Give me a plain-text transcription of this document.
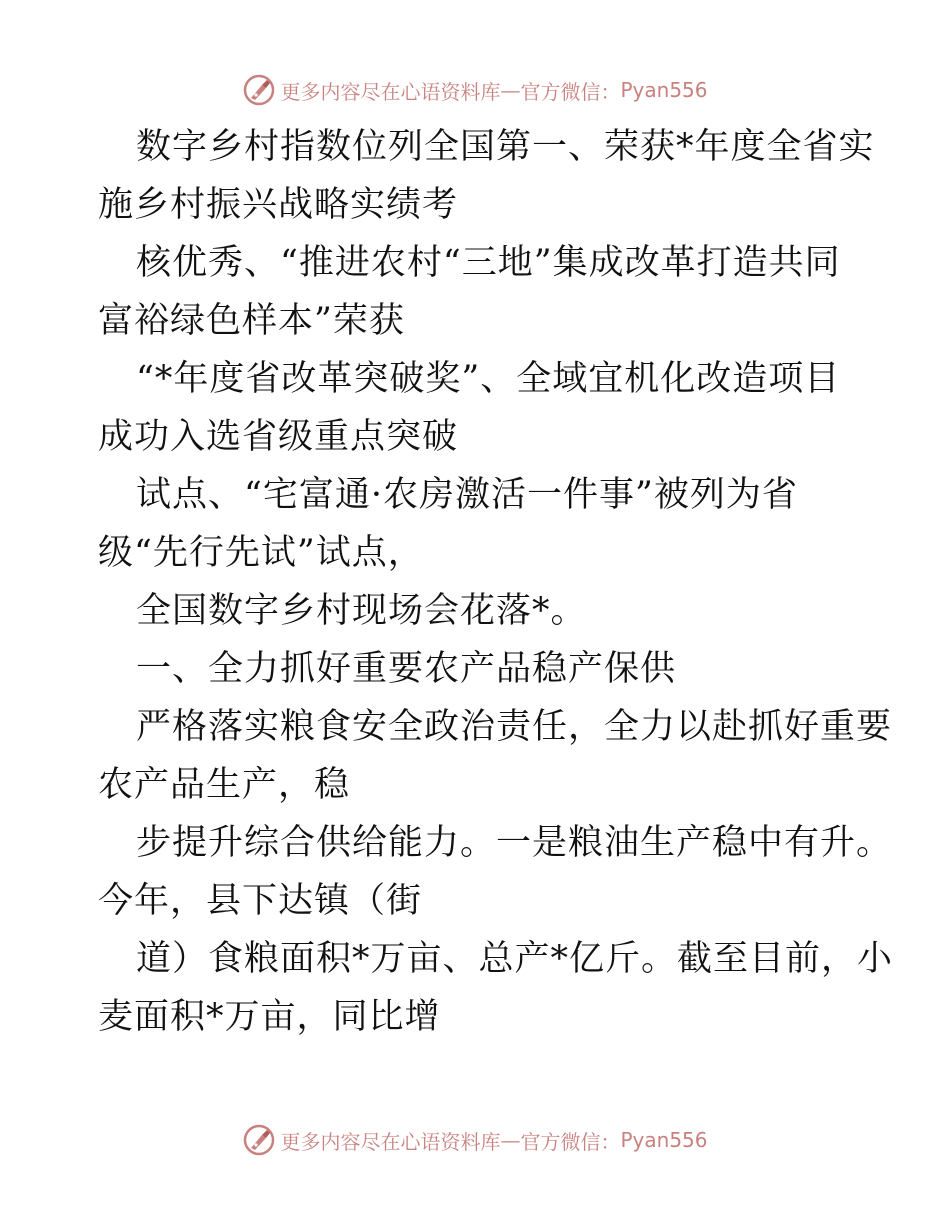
更多内容尽在心语资料库 — 官方微信： Pyan556
数字乡村指数位列全国第一、荣获*年度全省实
施乡村振兴战略实绩考
核优秀、“推进农村“三地”集成改革打造共同
富裕绿色样本”荣获
“*年度省改革突破奖”、全域宜机化改造项目
成功入选省级重点突破
试点、“宅富通·农房激活一件事”被列为省
级“先行先试”试点，
全国数字乡村现场会花落*。
一、全力抓好重要农产品稳产保供
严格落实粮食安全政治责任，全力以赴抓好重要
农产品生产，稳
步提升综合供给能力。一是粮油生产稳中有升。
今年，县下达镇（街
道）食粮面积*万亩、总产*亿斤。截至目前，小
麦面积*万亩，同比增
更多内容尽在心语资料库 — 官方微信： Pyan556
